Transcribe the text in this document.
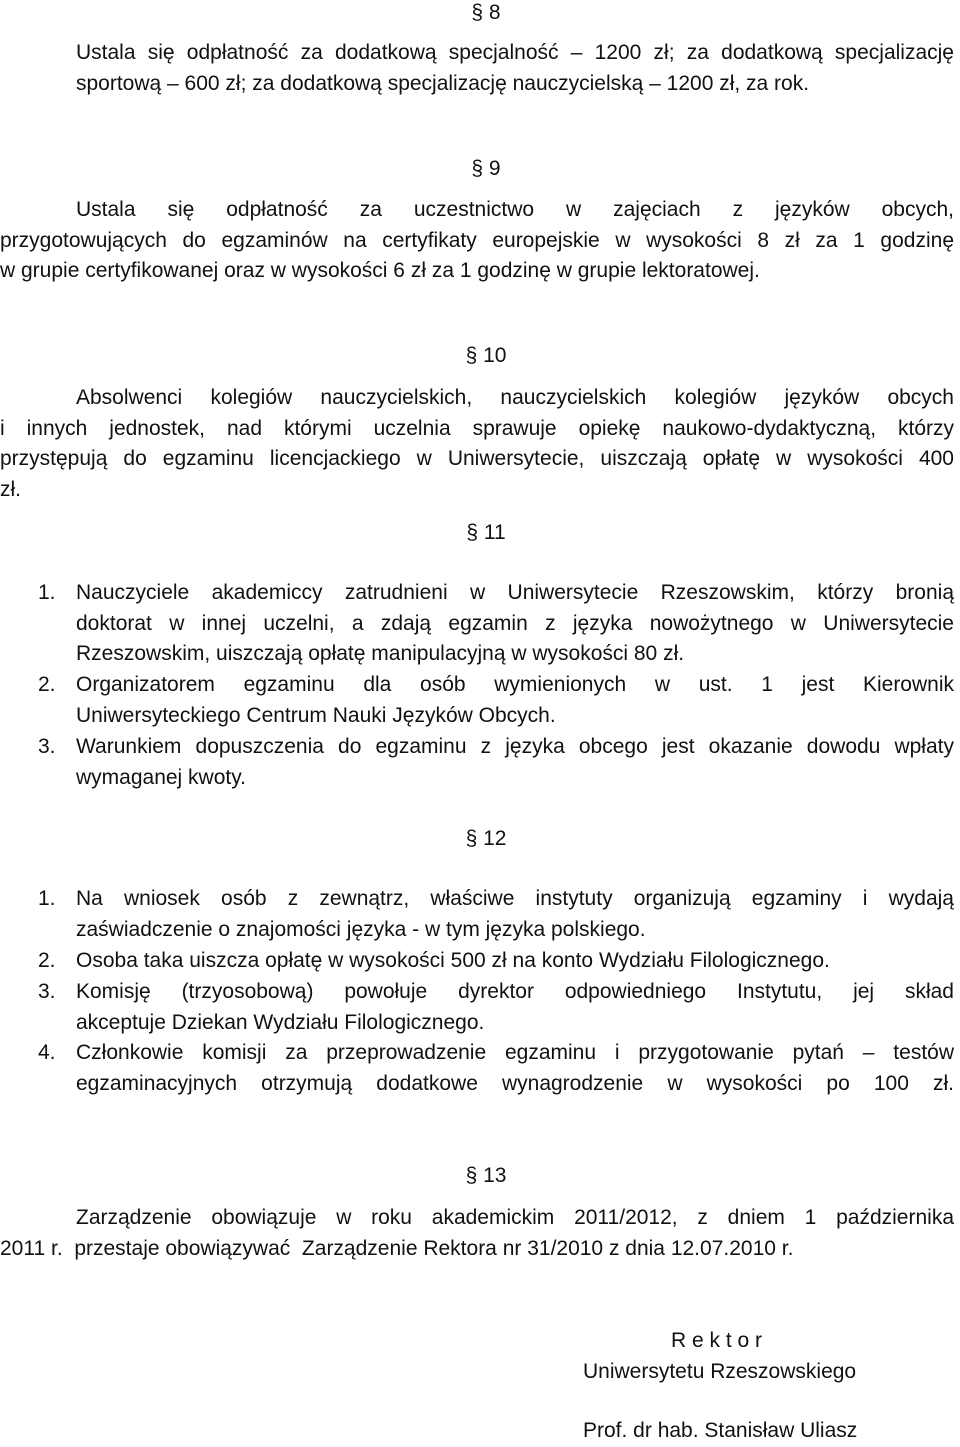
§ 8
Ustala się odpłatność za dodatkową specjalność – 1200 zł; za dodatkową specjalizację
sportową – 600 zł; za dodatkową specjalizację nauczycielską – 1200 zł, za rok.
§ 9
Ustala się odpłatność za uczestnictwo w zajęciach z języków obcych,
przygotowujących do egzaminów na certyfikaty europejskie w wysokości 8 zł za 1 godzinę
w grupie certyfikowanej oraz w wysokości 6 zł za 1 godzinę w grupie lektoratowej.
§ 10
Absolwenci kolegiów nauczycielskich, nauczycielskich kolegiów języków obcych
i innych jednostek, nad którymi uczelnia sprawuje opiekę naukowo-dydaktyczną, którzy
przystępują do egzaminu licencjackiego w Uniwersytecie, uiszczają opłatę w wysokości 400
zł.
§ 11
1. Nauczyciele akademiccy zatrudnieni w Uniwersytecie Rzeszowskim, którzy bronią
doktorat w innej uczelni, a zdają egzamin z języka nowożytnego w Uniwersytecie
Rzeszowskim, uiszczają opłatę manipulacyjną w wysokości 80 zł.
2. Organizatorem egzaminu dla osób wymienionych w ust. 1 jest Kierownik
Uniwersyteckiego Centrum Nauki Języków Obcych.
3. Warunkiem dopuszczenia do egzaminu z języka obcego jest okazanie dowodu wpłaty
wymaganej kwoty.
§ 12
1. Na wniosek osób z zewnątrz, właściwe instytuty organizują egzaminy i wydają
zaświadczenie o znajomości języka - w tym języka polskiego.
2. Osoba taka uiszcza opłatę w wysokości 500 zł na konto Wydziału Filologicznego.
3. Komisję (trzyosobową) powołuje dyrektor odpowiedniego Instytutu, jej skład
akceptuje Dziekan Wydziału Filologicznego.
4. Członkowie komisji za przeprowadzenie egzaminu i przygotowanie pytań – testów
egzaminacyjnych otrzymują dodatkowe wynagrodzenie w wysokości po 100 zł.
§ 13
Zarządzenie obowiązuje w roku akademickim 2011/2012, z dniem 1 października
2011 r.  przestaje obowiązywać  Zarządzenie Rektora nr 31/2010 z dnia 12.07.2010 r.
R e k t o r
Uniwersytetu Rzeszowskiego
Prof. dr hab. Stanisław Uliasz
